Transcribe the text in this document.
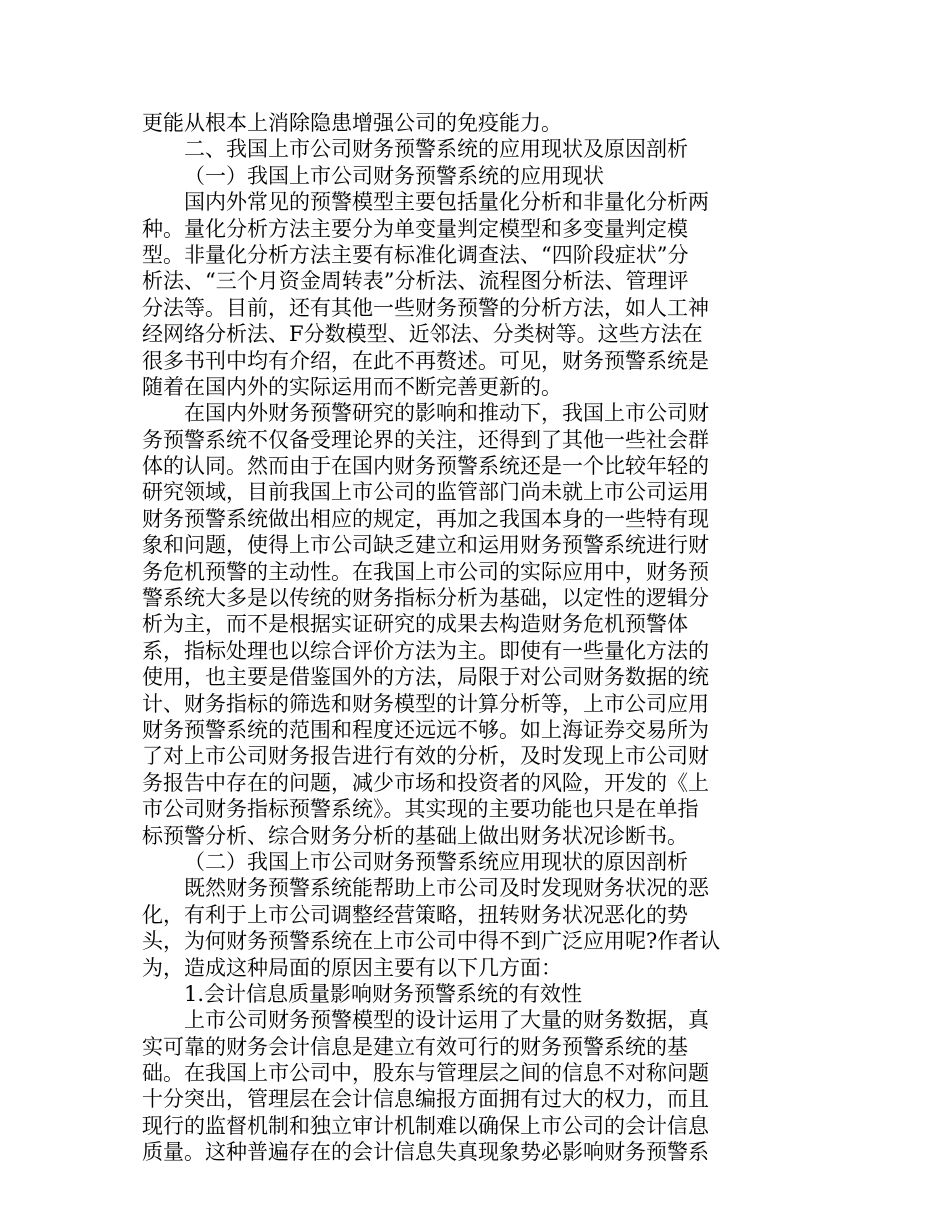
更能从根本上消除隐患增强公司的免疫能力。
二、我国上市公司财务预警系统的应用现状及原因剖析
（一）我国上市公司财务预警系统的应用现状
国内外常见的预警模型主要包括量化分析和非量化分析两
种。量化分析方法主要分为单变量判定模型和多变量判定模
型。非量化分析方法主要有标准化调查法、“四阶段症状”分
析法、“三个月资金周转表”分析法、流程图分析法、管理评
分法等。目前，还有其他一些财务预警的分析方法，如人工神
经网络分析法、F分数模型、近邻法、分类树等。这些方法在
很多书刊中均有介绍，在此不再赘述。可见，财务预警系统是
随着在国内外的实际运用而不断完善更新的。
在国内外财务预警研究的影响和推动下，我国上市公司财
务预警系统不仅备受理论界的关注，还得到了其他一些社会群
体的认同。然而由于在国内财务预警系统还是一个比较年轻的
研究领域，目前我国上市公司的监管部门尚未就上市公司运用
财务预警系统做出相应的规定，再加之我国本身的一些特有现
象和问题，使得上市公司缺乏建立和运用财务预警系统进行财
务危机预警的主动性。在我国上市公司的实际应用中，财务预
警系统大多是以传统的财务指标分析为基础，以定性的逻辑分
析为主，而不是根据实证研究的成果去构造财务危机预警体
系，指标处理也以综合评价方法为主。即使有一些量化方法的
使用，也主要是借鉴国外的方法，局限于对公司财务数据的统
计、财务指标的筛选和财务模型的计算分析等，上市公司应用
财务预警系统的范围和程度还远远不够。如上海证券交易所为
了对上市公司财务报告进行有效的分析，及时发现上市公司财
务报告中存在的问题，减少市场和投资者的风险，开发的《上
市公司财务指标预警系统》。其实现的主要功能也只是在单指
标预警分析、综合财务分析的基础上做出财务状况诊断书。
（二）我国上市公司财务预警系统应用现状的原因剖析
既然财务预警系统能帮助上市公司及时发现财务状况的恶
化，有利于上市公司调整经营策略，扭转财务状况恶化的势
头，为何财务预警系统在上市公司中得不到广泛应用呢?作者认
为，造成这种局面的原因主要有以下几方面：
1.会计信息质量影响财务预警系统的有效性
上市公司财务预警模型的设计运用了大量的财务数据，真
实可靠的财务会计信息是建立有效可行的财务预警系统的基
础。在我国上市公司中，股东与管理层之间的信息不对称问题
十分突出，管理层在会计信息编报方面拥有过大的权力，而且
现行的监督机制和独立审计机制难以确保上市公司的会计信息
质量。这种普遍存在的会计信息失真现象势必影响财务预警系
